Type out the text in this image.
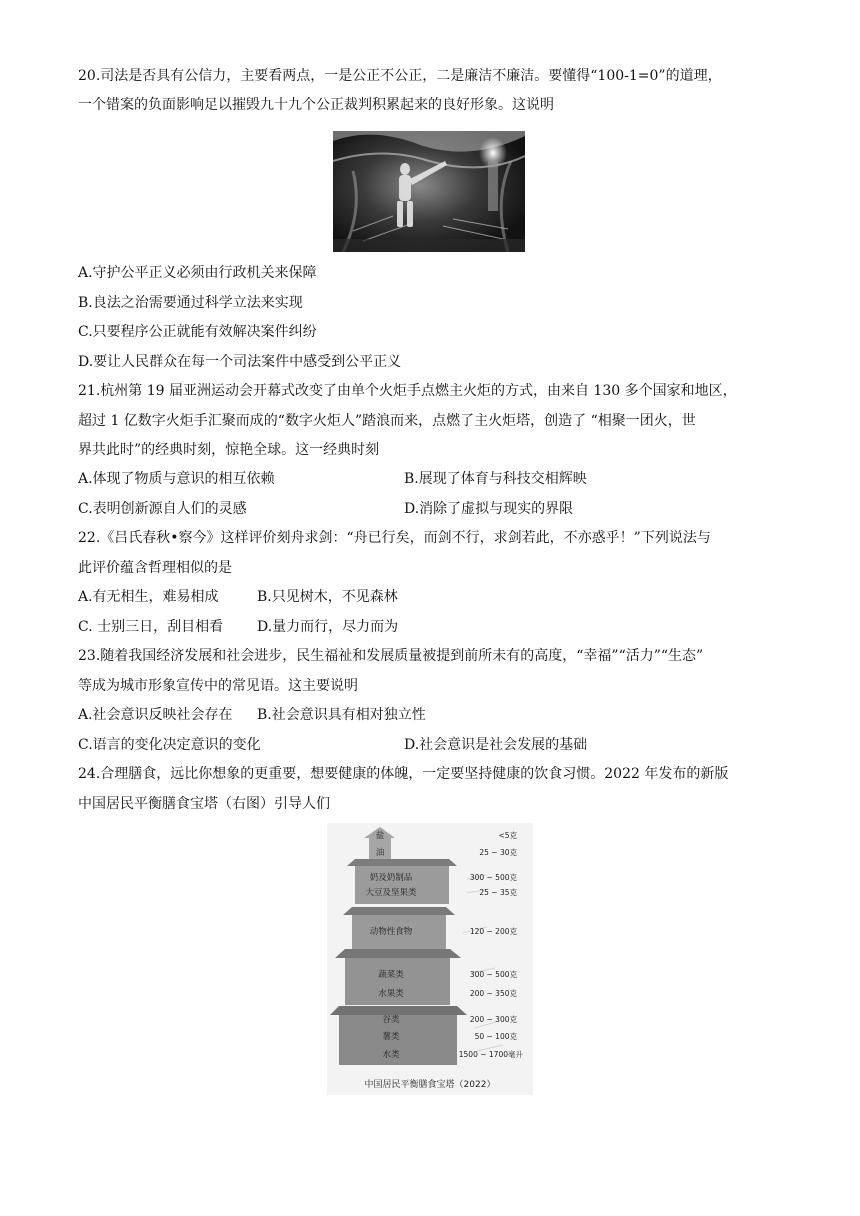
20.司法是否具有公信力，主要看两点，一是公正不公正，二是廉洁不廉洁。要懂得“100-1=0”的道理，
一个错案的负面影响足以摧毁九十九个公正裁判积累起来的良好形象。这说明
A.守护公平正义必须由行政机关来保障
B.良法之治需要通过科学立法来实现
C.只要程序公正就能有效解决案件纠纷
D.要让人民群众在每一个司法案件中感受到公平正义
21.杭州第 19 届亚洲运动会开幕式改变了由单个火炬手点燃主火炬的方式，由来自 130 多个国家和地区，
超过 1 亿数字火炬手汇聚而成的“数字火炬人”踏浪而来，点燃了主火炬塔，创造了 “相聚一团火，世
界共此时”的经典时刻，惊艳全球。这一经典时刻
A.体现了物质与意识的相互依赖	B.展现了体育与科技交相辉映
C.表明创新源自人们的灵感	D.消除了虚拟与现实的界限
22.《吕氏春秋•察今》这样评价刻舟求剑：“舟已行矣，而剑不行，求剑若此，不亦惑乎！”下列说法与
此评价蕴含哲理相似的是
A.有无相生，难易相成	B.只见树木，不见森林
C. 士别三日，刮目相看 D.量力而行，尽力而为
23.随着我国经济发展和社会进步，民生福祉和发展质量被提到前所未有的高度，“幸福”“活力”“生态”
等成为城市形象宣传中的常见语。这主要说明
A.社会意识反映社会存在 B.社会意识具有相对独立性
C.语言的变化决定意识的变化	D.社会意识是社会发展的基础
24.合理膳食，远比你想象的更重要，想要健康的体魄，一定要坚持健康的饮食习惯。2022 年发布的新版
中国居民平衡膳食宝塔（右图）引导人们
盐
油
奶及奶制品
大豆及坚果类
动物性食物
蔬菜类
水果类
谷类
薯类
水类
<5克
25 ~ 30克
300 ~ 500克
25 ~ 35克
120 ~ 200克
300 ~ 500克
200 ~ 350克
200 ~ 300克
50 ~ 100克
1500 ~ 1700毫升
中国居民平衡膳食宝塔（2022）
